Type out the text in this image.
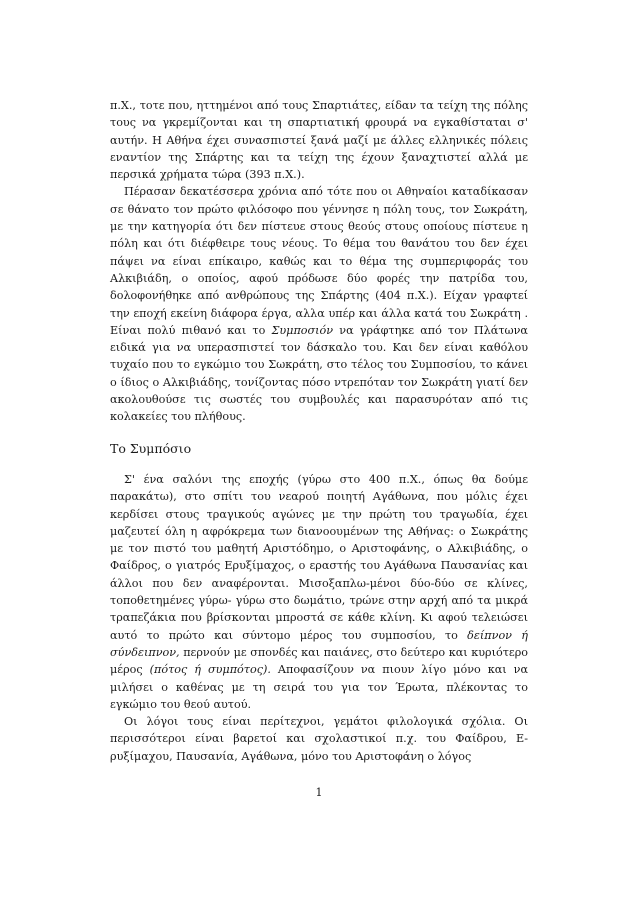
π.Χ., τοτε που, ηττημένοι από τους Σπαρτιάτες, είδαν τα τείχη της πόλης τους να γκρεμίζονται και τη σπαρτιατική φρουρά να εγκαθίσταται σ' αυτήν. Η Αθήνα έχει συνασπιστεί ξανά μαζί με άλλες ελληνικές πόλεις εναντίον της Σπάρτης και τα τείχη της έχουν ξαναχτιστεί αλλά με περσικά χρήματα τώρα (393 π.Χ.).

Πέρασαν δεκατέσσερα χρόνια από τότε που οι Αθηναίοι καταδίκασαν σε θάνατο τον πρώτο φιλόσοφο που γέννησε η πόλη τους, τον Σωκράτη, με την κατηγορία ότι δεν πίστευε στους θεούς στους οποίους πίστευε η πόλη και ότι διέφθειρε τους νέους. Το θέμα του θανάτου του δεν έχει πάψει να είναι επίκαιρο, καθώς και το θέμα της συμπεριφοράς του Αλκιβιάδη, ο οποίος, αφού πρόδωσε δύο φορές την πατρίδα του, δολοφονήθηκε από ανθρώπους της Σπάρτης (404 π.Χ.). Είχαν γραφτεί την εποχή εκείνη διάφορα έργα, αλλα υπέρ και άλλα κατά του Σωκράτη . Είναι πολύ πιθανό και το Συμποσιόν να γράφτηκε από τον Πλάτωνα ειδικά για να υπερασπιστεί τον δάσκαλο του. Και δεν είναι καθόλου τυχαίο που το εγκώμιο του Σωκράτη, στο τέλος του Συμποσίου, το κάνει ο ίδιος ο Αλκιβιάδης, τονίζοντας πόσο ντρεπόταν τον Σωκράτη γιατί δεν ακολουθούσε τις σωστές του συμβουλές και παρασυρόταν από τις κολακείες του πλήθους.

Το Συμπόσιο

Σ' ένα σαλόνι της εποχής (γύρω στο 400 π.Χ., όπως θα δούμε παρακάτω), στο σπίτι του νεαρού ποιητή Αγάθωνα, που μόλις έχει κερδίσει στους τραγικούς αγώνες με την πρώτη του τραγωδία, έχει μαζευτεί όλη η αφρόκρεμα των διανοουμένων της Αθήνας: ο Σωκράτης με τον πιστό του μαθητή Αριστόδημο, ο Αριστοφάνης, ο Αλκιβιάδης, ο Φαίδρος, ο γιατρός Ερυξίμαχος, ο εραστής του Αγάθωνα Παυσανίας και άλλοι που δεν αναφέρονται. Μισοξαπλω-μένοι δύο-δύο σε κλίνες, τοποθετημένες γύρω- γύρω στο δωμάτιο, τρώνε στην αρχή από τα μικρά τραπεζάκια που βρίσκονται μπροστά σε κάθε κλίνη. Κι αφού τελειώσει αυτό το πρώτο και σύντομο μέρος του συμποσίου, το δείπνον ή σύνδειπνον, περνούν με σπονδές και παιάνες, στο δεύτερο και κυριότερο μέρος (πότος ή συμπότος). Αποφασίζουν να πιουν λίγο μόνο και να μιλήσει ο καθένας με τη σειρά του για τον Έρωτα, πλέκοντας το εγκώμιο του θεού αυτού.

Οι λόγοι τους είναι περίτεχνοι, γεμάτοι φιλολογικά σχόλια. Οι περισσότεροι είναι βαρετοί και σχολαστικοί π.χ. του Φαίδρου, Ε-ρυξίμαχου, Παυσανία, Αγάθωνα, μόνο του Αριστοφάνη ο λόγος

1
